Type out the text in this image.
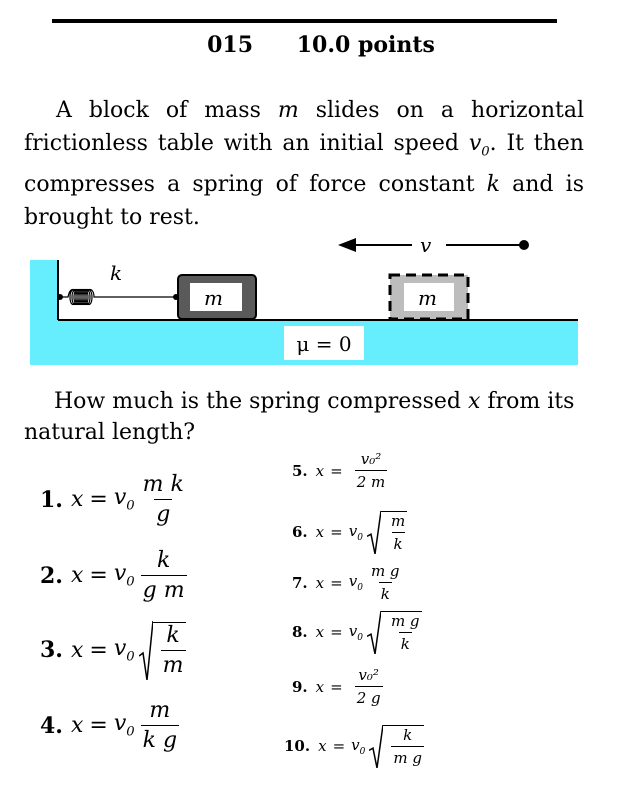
015 10.0 points
A block of mass m slides on a horizontal frictionless table with an initial speed $v_0$. It then compresses a spring of force constant k and is brought to rest.
k
m	m
v
μ = 0
How much is the spring compressed x from its natural length?
1. $x = v_0 \frac{\text{m k}}{g}$
2. $x = v_0 \frac{k}{\text{g m}}$
3. $x = v_0 \frac{k}{m}$
4. $x = v_0 \frac{m}{\text{k g}}$
5. $x = \frac{\text{v₀²}}{2 m}$
6. $x = v_0 \frac{m}{k}$
7. $x = v_0 \frac{\text{m g}}{k}$
8. $x = v_0 \frac{\text{m g}}{k}$
9. $x = \frac{\text{v₀²}}{2 g}$
10. $x = v_0 \frac{k}{\text{m g}}$
